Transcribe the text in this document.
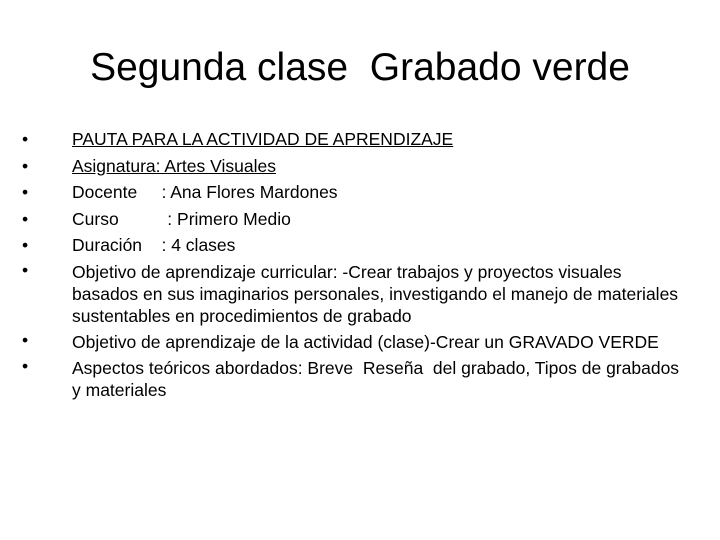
Segunda clase  Grabado verde
•	PAUTA PARA LA ACTIVIDAD DE APRENDIZAJE
•	Asignatura: Artes Visuales
•	Docente     : Ana Flores Mardones
•	Curso          : Primero Medio
•	Duración    : 4 clases
•	Objetivo de aprendizaje curricular: -Crear trabajos y proyectos visuales basados en sus imaginarios personales, investigando el manejo de materiales sustentables en procedimientos de grabado
•	Objetivo de aprendizaje de la actividad (clase)-Crear un GRAVADO VERDE
•	Aspectos teóricos abordados: Breve  Reseña  del grabado, Tipos de grabados y materiales
